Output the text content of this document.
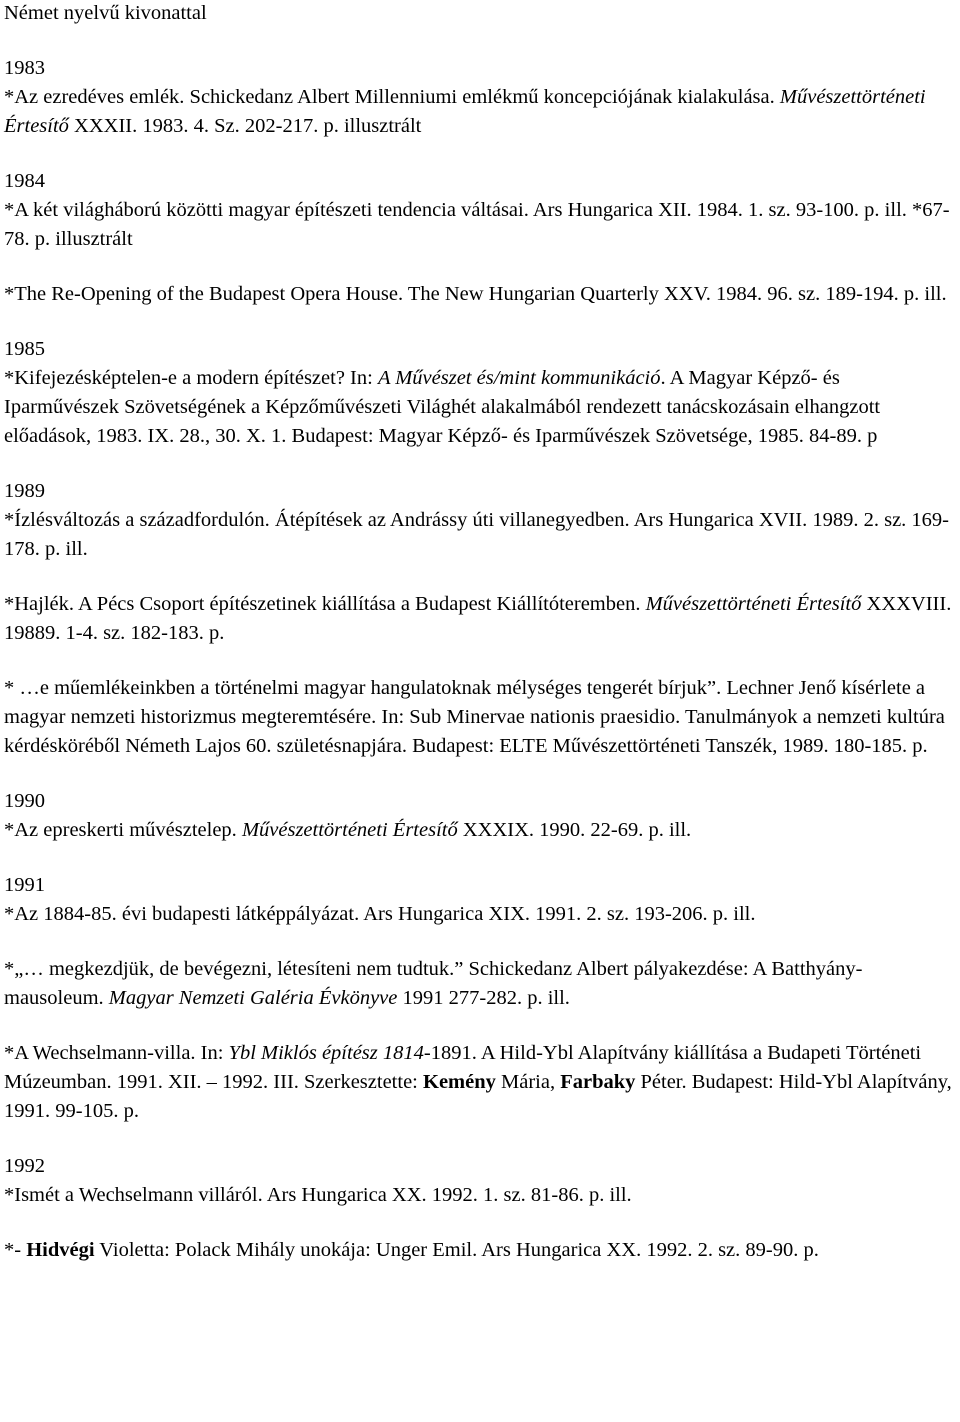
Német nyelvű kivonattal
1983
*Az ezredéves emlék. Schickedanz Albert Millenniumi emlékmű koncepciójának kialakulása. Művészettörténeti Értesítő XXXII. 1983. 4. Sz. 202-217. p. illusztrált
1984
*A két világháború közötti magyar építészeti tendencia váltásai. Ars Hungarica XII. 1984. 1. sz. 93-100. p. ill. *67-78. p. illusztrált
*The Re-Opening of the Budapest Opera House. The New Hungarian Quarterly XXV. 1984. 96. sz. 189-194. p. ill.
1985
*Kifejezésképtelen-e a modern építészet? In: A Művészet és/mint kommunikáció. A Magyar Képző- és Iparművészek Szövetségének a Képzőművészeti Világhét alakalmából rendezett tanácskozásain elhangzott előadások, 1983. IX. 28., 30. X. 1. Budapest: Magyar Képző- és Iparművészek Szövetsége, 1985. 84-89. p
1989
*Ízlésváltozás a századfordulón. Átépítések az Andrássy úti villanegyedben. Ars Hungarica XVII. 1989. 2. sz. 169-178. p. ill.
*Hajlék. A Pécs Csoport építészetinek kiállítása a Budapest Kiállítóteremben. Művészettörténeti Értesítő XXXVIII. 19889. 1-4. sz. 182-183. p.
* …e műemlékeinkben a történelmi magyar hangulatoknak mélységes tengerét bírjuk”. Lechner Jenő kísérlete a magyar nemzeti historizmus megteremtésére. In: Sub Minervae nationis praesidio. Tanulmányok a nemzeti kultúra kérdésköréből Németh Lajos 60. születésnapjára. Budapest: ELTE Művészettörténeti Tanszék, 1989. 180-185. p.
1990
*Az epreskerti művésztelep. Művészettörténeti Értesítő XXXIX. 1990. 22-69. p. ill.
1991
*Az 1884-85. évi budapesti látképpályázat. Ars Hungarica XIX. 1991. 2. sz. 193-206. p. ill.
*„… megkezdjük, de bevégezni, létesíteni nem tudtuk.” Schickedanz Albert pályakezdése: A Batthyány-mausoleum. Magyar Nemzeti Galéria Évkönyve 1991 277-282. p. ill.
*A Wechselmann-villa. In: Ybl Miklós építész 1814-1891. A Hild-Ybl Alapítvány kiállítása a Budapeti Történeti Múzeumban. 1991. XII. – 1992. III. Szerkesztette: Kemény Mária, Farbaky Péter. Budapest: Hild-Ybl Alapítvány, 1991. 99-105. p.
1992
*Ismét a Wechselmann villáról. Ars Hungarica XX. 1992. 1. sz. 81-86. p. ill.
*- Hidvégi Violetta: Polack Mihály unokája: Unger Emil. Ars Hungarica XX. 1992. 2. sz. 89-90. p.
